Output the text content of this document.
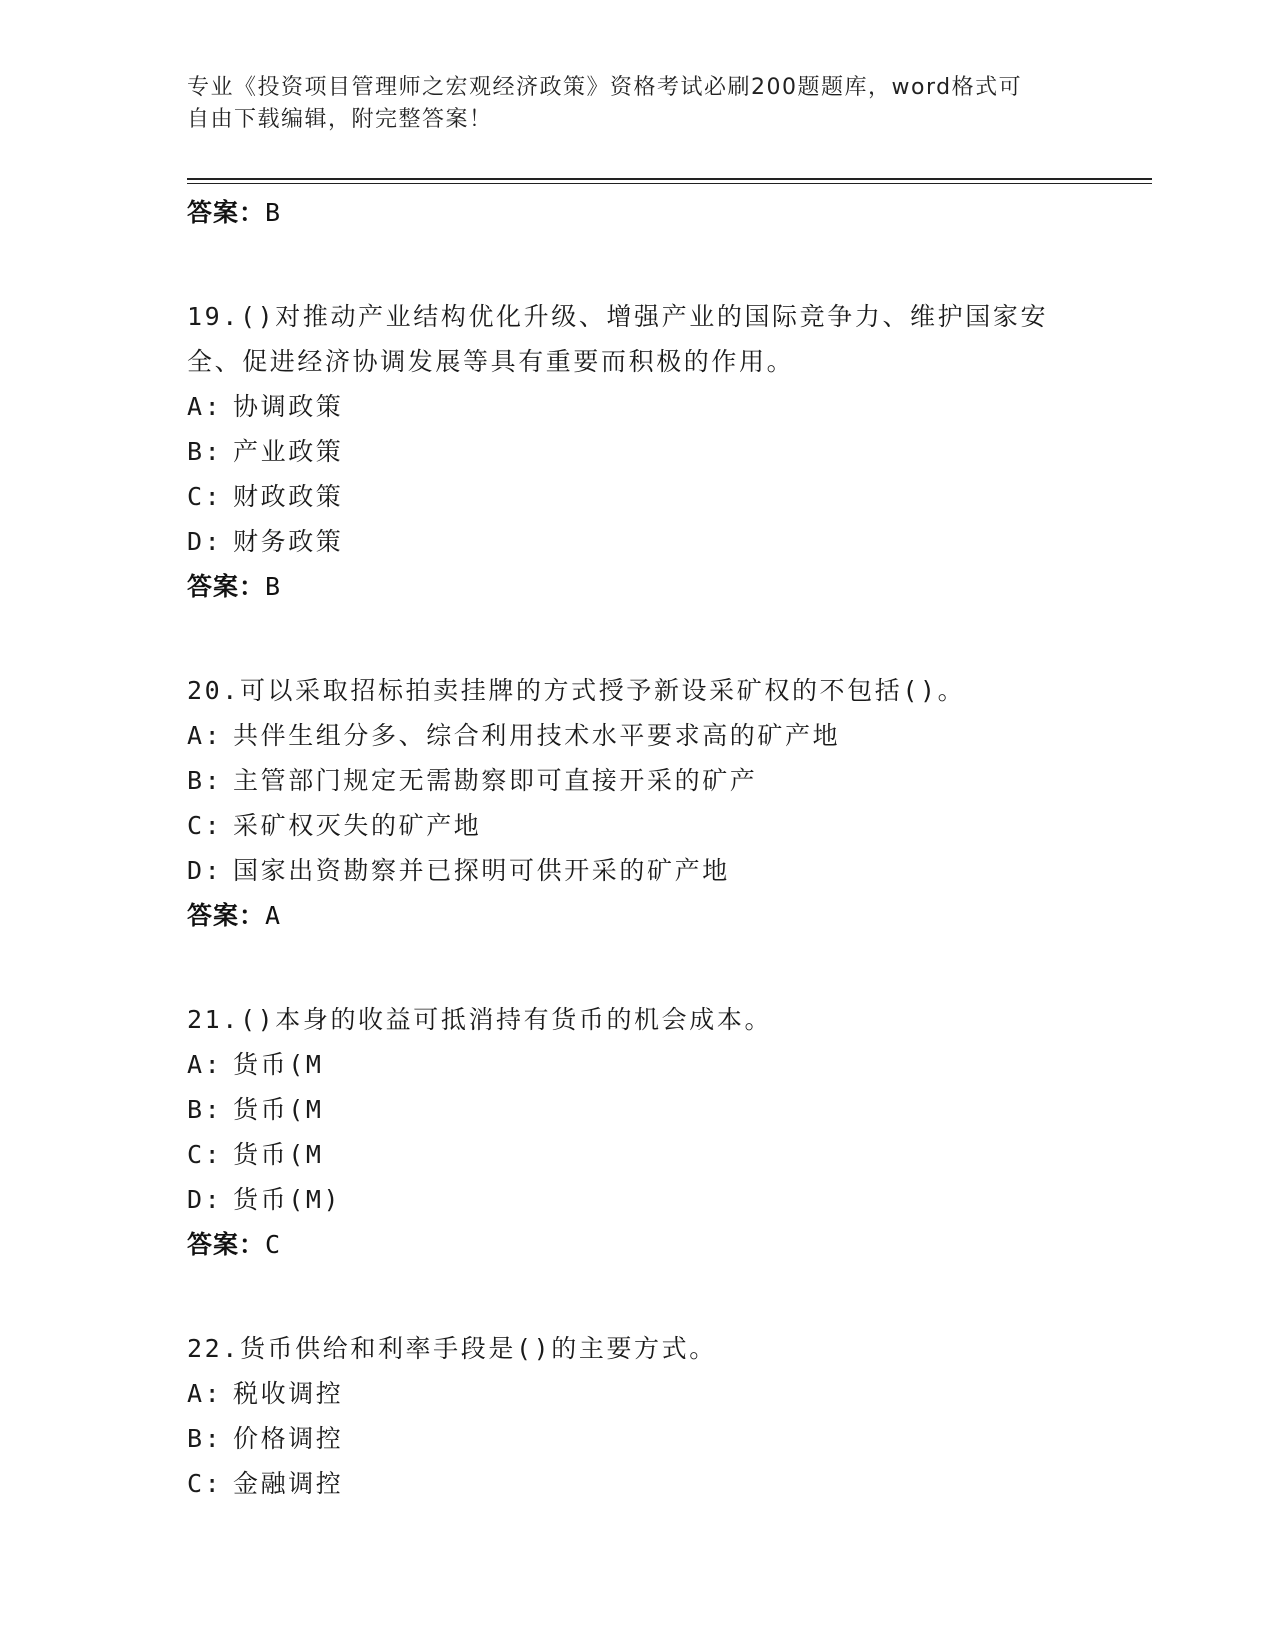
专业《投资项目管理师之宏观经济政策》资格考试必刷200题题库，word格式可
自由下载编辑，附完整答案！
答案：B
19.()对推动产业结构优化升级、增强产业的国际竞争力、维护国家安
全、促进经济协调发展等具有重要而积极的作用。
A: 协调政策
B: 产业政策
C: 财政政策
D: 财务政策
答案：B
20.可以采取招标拍卖挂牌的方式授予新设采矿权的不包括()。
A: 共伴生组分多、综合利用技术水平要求高的矿产地
B: 主管部门规定无需勘察即可直接开采的矿产
C: 采矿权灭失的矿产地
D: 国家出资勘察并已探明可供开采的矿产地
答案：A
21.()本身的收益可抵消持有货币的机会成本。
A: 货币(M
B: 货币(M
C: 货币(M
D: 货币(M)
答案：C
22.货币供给和利率手段是()的主要方式。
A: 税收调控
B: 价格调控
C: 金融调控
